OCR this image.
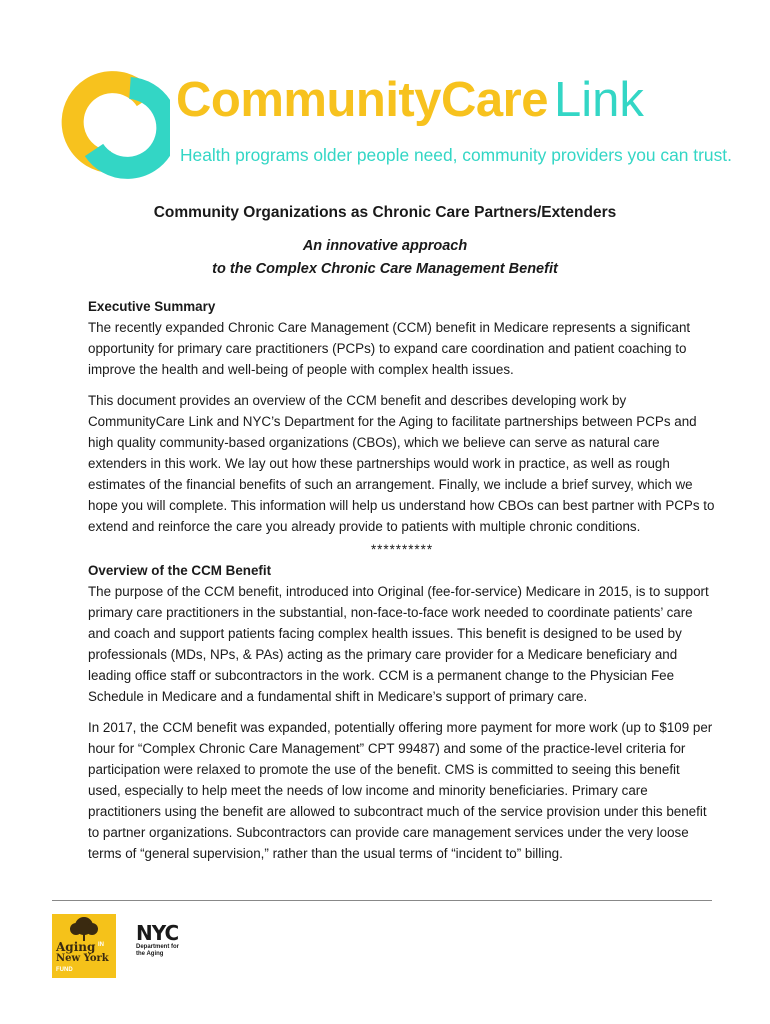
CommunityCare Link
Health programs older people need, community providers you can trust.
Community Organizations as Chronic Care Partners/Extenders
An innovative approach
to the Complex Chronic Care Management Benefit
Executive Summary

The recently expanded Chronic Care Management (CCM) benefit in Medicare represents a significant opportunity for primary care practitioners (PCPs) to expand care coordination and patient coaching to improve the health and well-being of people with complex health issues.

This document provides an overview of the CCM benefit and describes developing work by CommunityCare Link and NYC’s Department for the Aging to facilitate partnerships between PCPs and high quality community-based organizations (CBOs), which we believe can serve as natural care extenders in this work. We lay out how these partnerships would work in practice, as well as rough estimates of the financial benefits of such an arrangement. Finally, we include a brief survey, which we hope you will complete. This information will help us understand how CBOs can best partner with PCPs to extend and reinforce the care you already provide to patients with multiple chronic conditions.

**********
Overview of the CCM Benefit

The purpose of the CCM benefit, introduced into Original (fee-for-service) Medicare in 2015, is to support primary care practitioners in the substantial, non-face-to-face work needed to coordinate patients’ care and coach and support patients facing complex health issues. This benefit is designed to be used by professionals (MDs, NPs, & PAs) acting as the primary care provider for a Medicare beneficiary and leading office staff or subcontractors in the work. CCM is a permanent change to the Physician Fee Schedule in Medicare and a fundamental shift in Medicare’s support of primary care.

In 2017, the CCM benefit was expanded, potentially offering more payment for more work (up to $109 per hour for “Complex Chronic Care Management” CPT 99487) and some of the practice-level criteria for participation were relaxed to promote the use of the benefit. CMS is committed to seeing this benefit used, especially to help meet the needs of low income and minority beneficiaries. Primary care practitioners using the benefit are allowed to subcontract much of the service provision under this benefit to partner organizations. Subcontractors can provide care management services under the very loose terms of “general supervision,” rather than the usual terms of “incident to” billing.

Aging IN
New York
FUND
NYC
Department for the Aging
